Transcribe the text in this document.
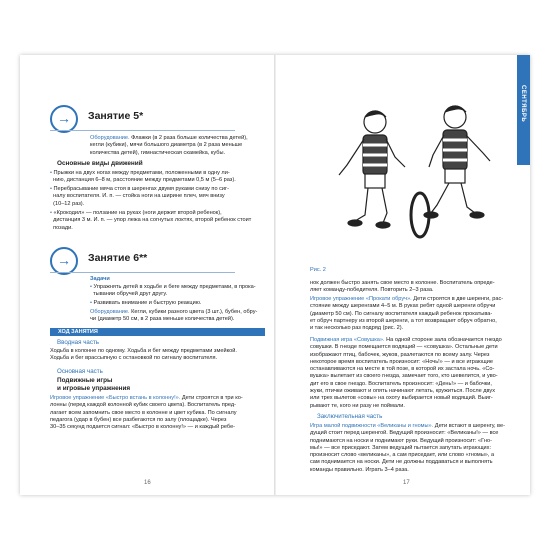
→ Занятие 5*
Оборудование. Флажки (в 2 раза больше количества детей),
кегли (кубики), мячи большого диаметра (в 2 раза меньше
количества детей), гимнастическая скамейка, кубы.
Основные виды движений
• Прыжки на двух ногах между предметами, положенными в одну ли-
нию, дистанция 6–8 м, расстояние между предметами 0,5 м (5–6 раз).
• Перебрасывание мяча стоя в шеренгах двумя руками снизу по сиг-
налу воспитателя. И. п. — стойка ноги на ширине плеч, мяч внизу
(10–12 раз).
• «Крокодил» — ползание на руках (ноги держит второй ребенок),
дистанция 3 м. И. п. — упор лежа на согнутых локтях, второй ребенок стоит
позади.
→ Занятие 6**
Задачи
• Упражнять детей в ходьбе и беге между предметами, в прока-
тывании обручей друг другу.
• Развивать внимание и быструю реакцию.
Оборудование. Кегли, кубики разного цвета (3 шт.), бубен, обру-
чи (диаметр 50 см, в 2 раза меньше количества детей).
ХОД ЗАНЯТИЯ
Вводная часть
Ходьба в колонне по одному. Ходьба и бег между предметами змейкой.
Ходьба и бег врассыпную с остановкой по сигналу воспитателя.
Основная часть
Подвижные игры
и игровые упражнения
Игровое упражнение «Быстро встань в колонну!». Дети строятся в три ко-
лонны (перед каждой колонной кубик своего цвета). Воспитатель пред-
лагает всем запомнить свое место в колонне и цвет кубика. По сигналу
педагога (удар в бубен) все разбегаются по залу (площадке). Через
30–35 секунд подается сигнал: «Быстро в колонну!» — и каждый ребе-
16
СЕНТЯБРЬ
Рис. 2
нок должен быстро занять свое место в колонне. Воспитатель опреде-
ляет команду-победителя. Повторить 2–3 раза.
Игровое упражнение «Прокати обруч». Дети строятся в две шеренги, рас-
стояние между шеренгами 4–5 м. В руках ребят одной шеренги обручи
(диаметр 50 см). По сигналу воспитателя каждый ребенок прокатыва-
ет обруч партнеру из второй шеренги, а тот возвращает обруч обратно,
и так несколько раз подряд (рис. 2).
Подвижная игра «Совушка». На одной стороне зала обозначается гнездо
совушки. В гнезде помещается водящий — «совушка». Остальные дети
изображают птиц, бабочек, жуков, разлетаются по всему залу. Через
некоторое время воспитатель произносит: «Ночь!» — и все играющие
останавливаются на месте в той позе, в которой их застала ночь. «Со-
вушка» вылетает из своего гнезда, замечает того, кто шевелится, и уво-
дит его в свое гнездо. Воспитатель произносит: «День!» — и бабочки,
жуки, птички оживают и опять начинают летать, кружиться. После двух
или трех вылетов «совы» на охоту выбирается новый водящий. Выиг-
рывают те, кого ни разу не поймали.
Заключительная часть
Игра малой подвижности «Великаны и гномы». Дети встают в шеренгу, ве-
дущий стоит перед шеренгой. Ведущий произносит: «Великаны!» — все
поднимаются на носки и поднимают руки. Ведущий произносит: «Гно-
мы!» — все приседают. Затем ведущий пытается запутать играющих:
произносит слово «великаны», а сам приседает, или слово «гномы», а
сам поднимается на носки. Дети не должны поддаваться и выполнять
команды правильно. Играть 3–4 раза.
17
